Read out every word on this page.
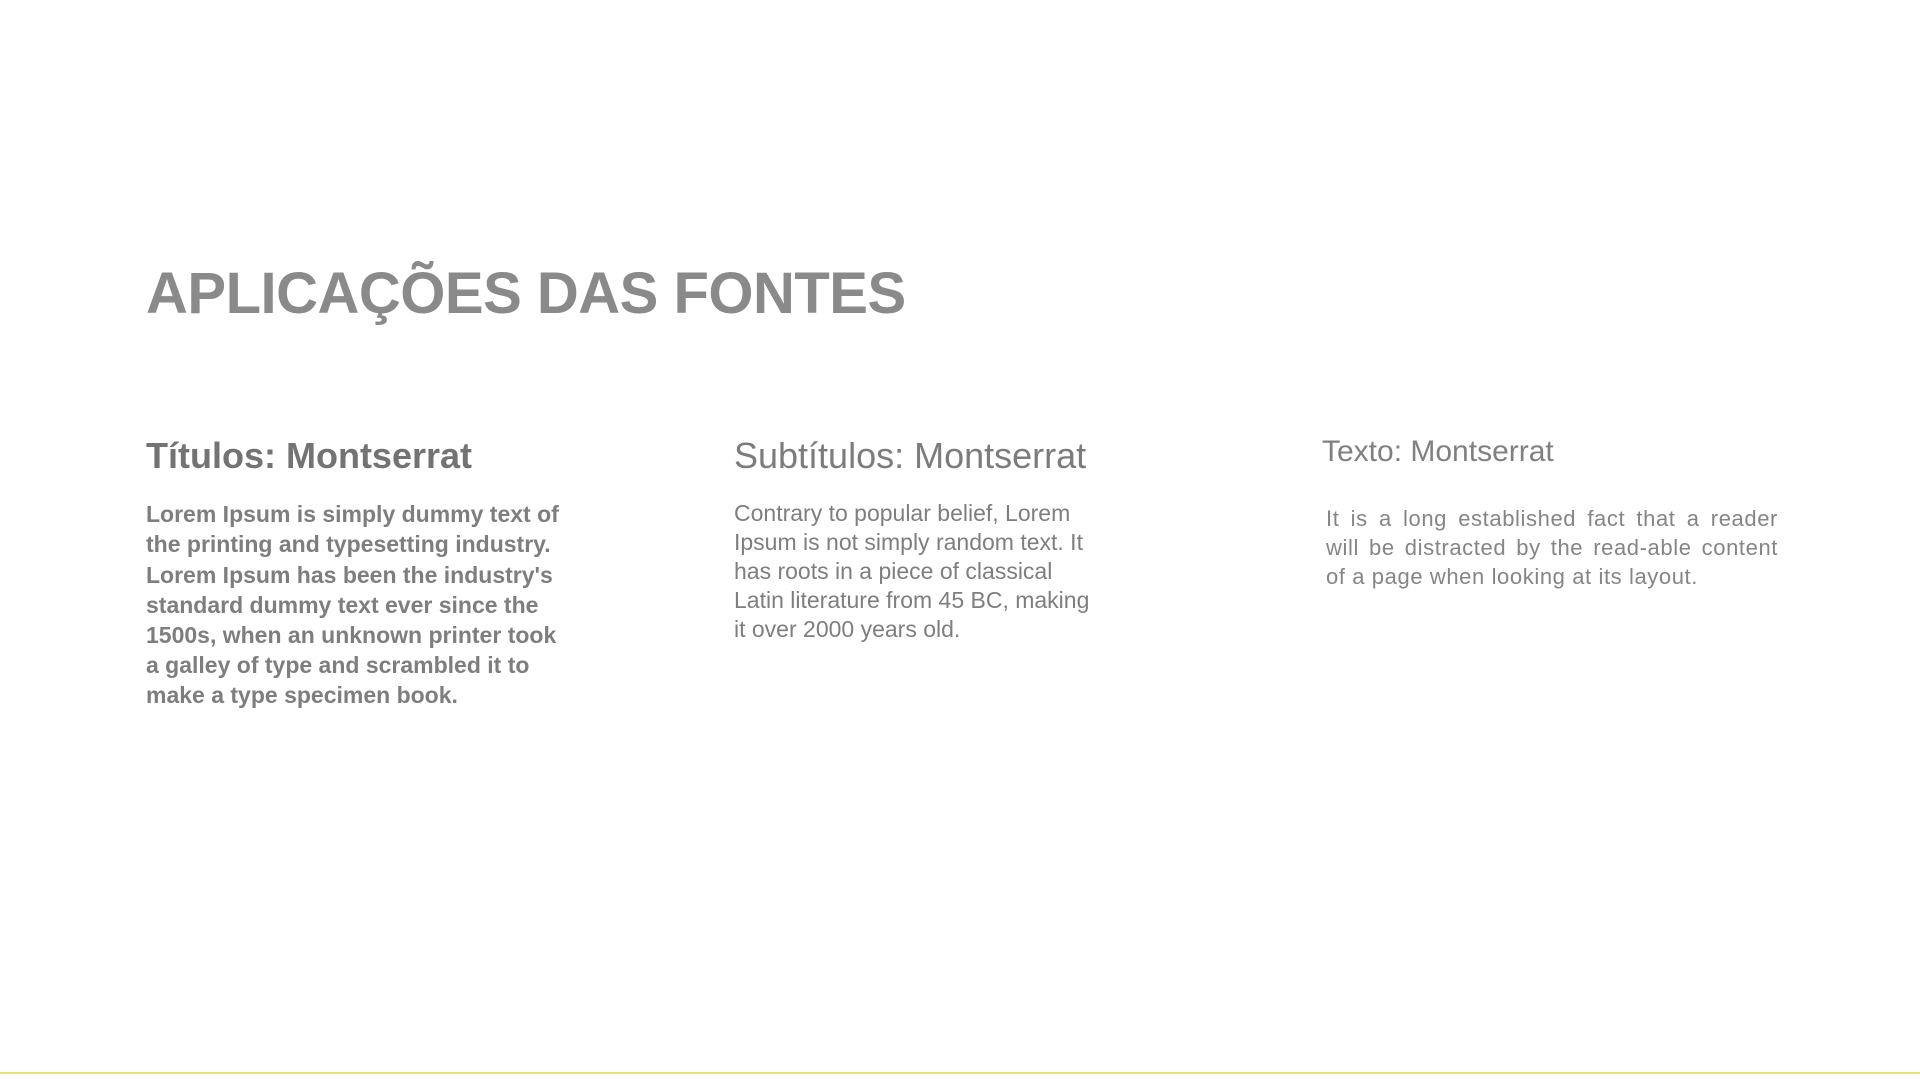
APLICAÇÕES DAS FONTES
Títulos: Montserrat

Lorem Ipsum is simply dummy text of the printing and typesetting industry. Lorem Ipsum has been the industry's standard dummy text ever since the 1500s, when an unknown printer took a galley of type and scrambled it to make a type specimen book.

Subtítulos: Montserrat

Contrary to popular belief, Lorem Ipsum is not simply random text. It has roots in a piece of classical Latin literature from 45 BC, making it over 2000 years old.

Texto: Montserrat

It is a long established fact that a reader will be distracted by the read-able content of a page when looking at its layout.
